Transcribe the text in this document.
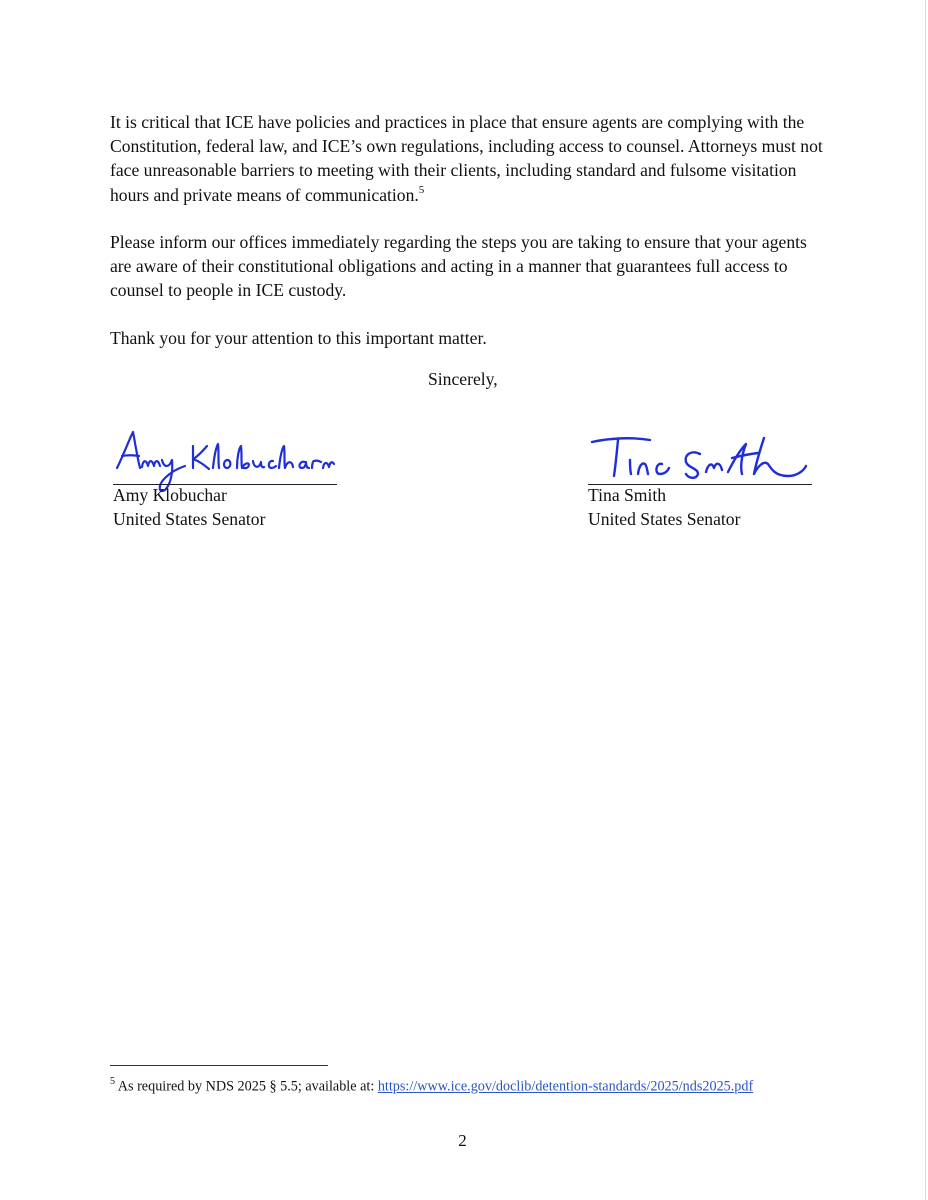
It is critical that ICE have policies and practices in place that ensure agents are complying with the Constitution, federal law, and ICE’s own regulations, including access to counsel. Attorneys must not face unreasonable barriers to meeting with their clients, including standard and fulsome visitation hours and private means of communication.$^5$

Please inform our offices immediately regarding the steps you are taking to ensure that your agents are aware of their constitutional obligations and acting in a manner that guarantees full access to counsel to people in ICE custody.

Thank you for your attention to this important matter.

Sincerely,
Amy Klobuchar
United States Senator
Tina Smith
United States Senator
$^5$ As required by NDS 2025 § 5.5; available at: https://www.ice.gov/doclib/detention-standards/2025/nds2025.pdf
2
